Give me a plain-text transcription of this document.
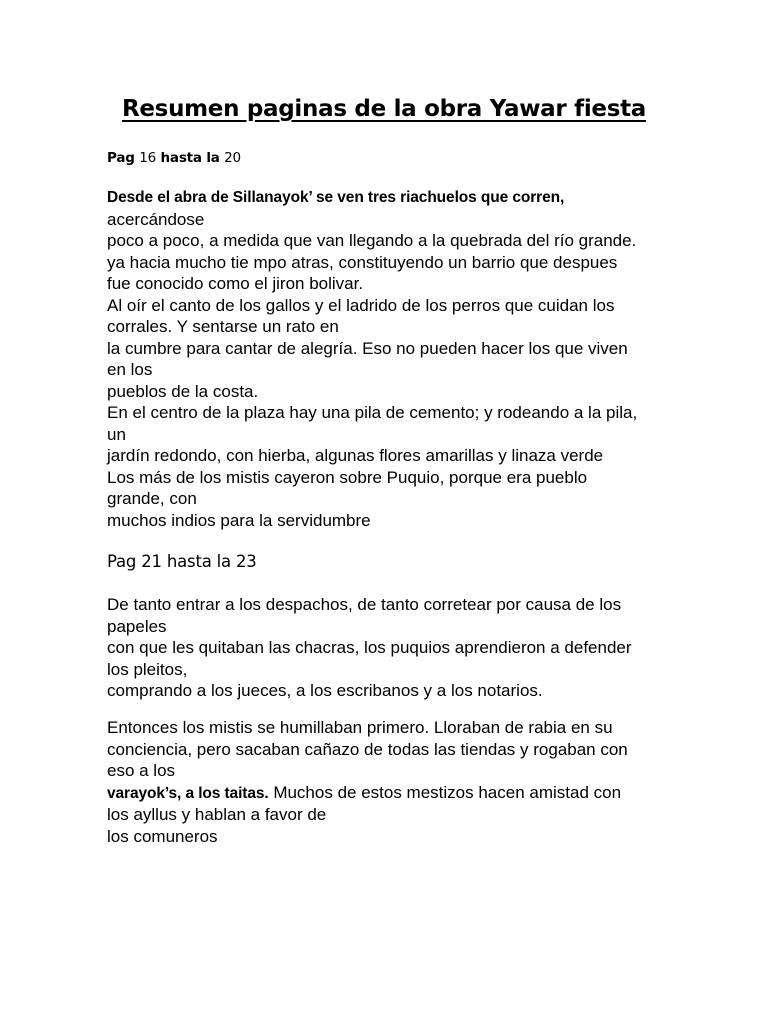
Resumen paginas de la obra Yawar fiesta
Pag 16 hasta la 20
Desde el abra de Sillanayok’ se ven tres riachuelos que corren,
acercándose
poco a poco, a medida que van llegando a la quebrada del río grande.
ya hacia mucho tie mpo atras, constituyendo un barrio que despues
fue conocido como el jiron bolivar.
Al oír el canto de los gallos y el ladrido de los perros que cuidan los
corrales. Y sentarse un rato en
la cumbre para cantar de alegría. Eso no pueden hacer los que viven
en los
pueblos de la costa.
En el centro de la plaza hay una pila de cemento; y rodeando a la pila,
un
jardín redondo, con hierba, algunas flores amarillas y linaza verde
Los más de los mistis cayeron sobre Puquio, porque era pueblo
grande, con
muchos indios para la servidumbre
Pag 21 hasta la 23
De tanto entrar a los despachos, de tanto corretear por causa de los
papeles
con que les quitaban las chacras, los puquios aprendieron a defender
los pleitos,
comprando a los jueces, a los escribanos y a los notarios.
Entonces los mistis se humillaban primero. Lloraban de rabia en su
conciencia, pero sacaban cañazo de todas las tiendas y rogaban con
eso a los
varayok’s, a los taitas. Muchos de estos mestizos hacen amistad con
los ayllus y hablan a favor de
los comuneros
